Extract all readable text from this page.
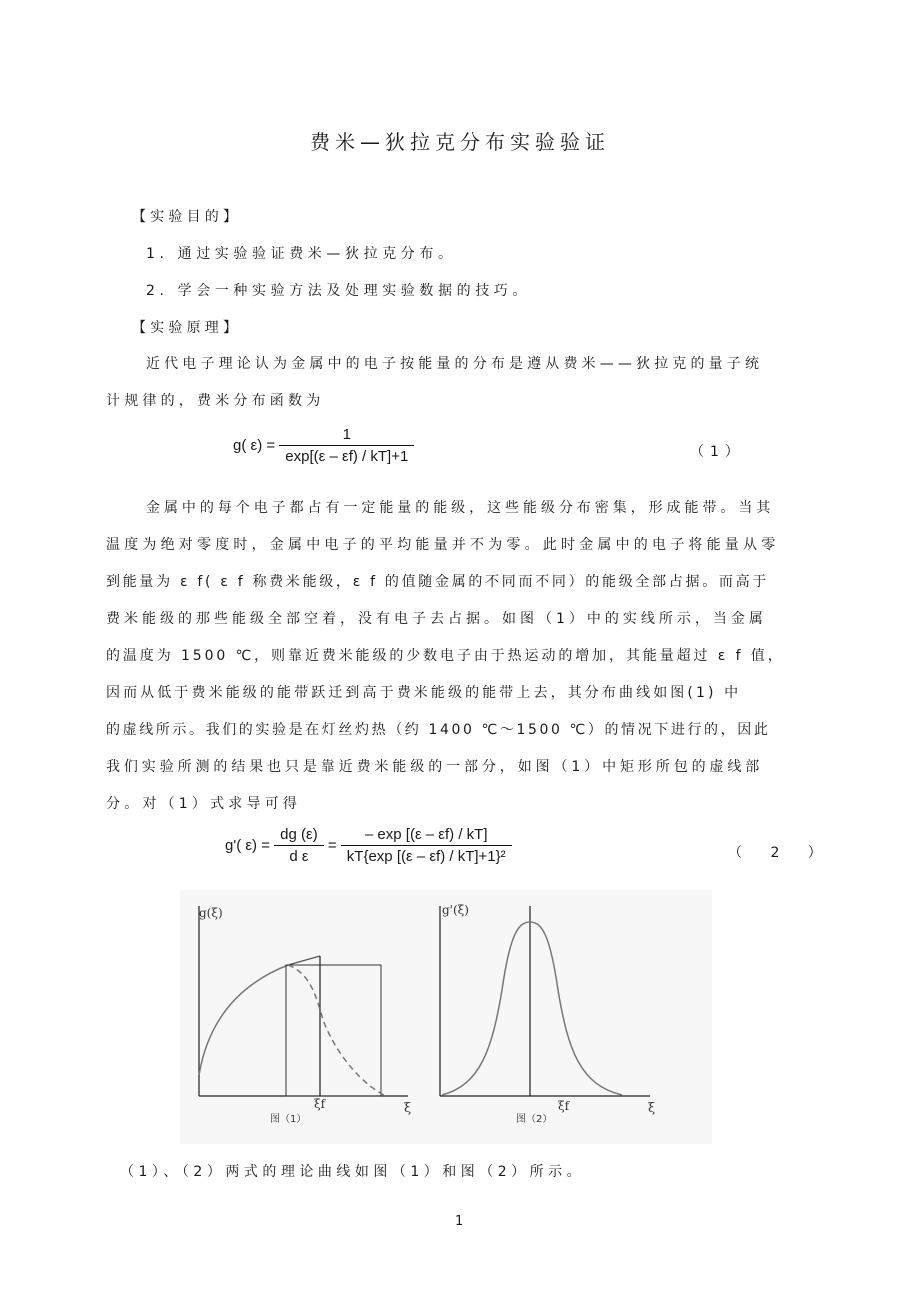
费米—狄拉克分布实验验证
【实验目的】
1. 通过实验验证费米—狄拉克分布。
2. 学会一种实验方法及处理实验数据的技巧。
【实验原理】
近代电子理论认为金属中的电子按能量的分布是遵从费米——狄拉克的量子统
计规律的，费米分布函数为
g( $\varepsilon) = \frac{1}{\exp[(\varepsilon - \varepsilon f) / kT]+1}$	（1）
金属中的每个电子都占有一定能量的能级，这些能级分布密集，形成能带。当其
温度为绝对零度时，金属中电子的平均能量并不为零。此时金属中的电子将能量从零
到能量为 ε f( ε f 称费米能级，ε f 的值随金属的不同而不同）的能级全部占据。而高于
费米能级的那些能级全部空着，没有电子去占据。如图（1）中的实线所示，当金属
的温度为 1500 ℃，则靠近费米能级的少数电子由于热运动的增加，其能量超过 ε f 值，
因而从低于费米能级的能带跃迁到高于费米能级的能带上去，其分布曲线如图(1) 中
的虚线所示。我们的实验是在灯丝灼热（约 1400 ℃～1500 ℃）的情况下进行的，因此
我们实验所测的结果也只是靠近费米能级的一部分，如图（1）中矩形所包的虚线部
分。对（1）式求导可得
g'( $\varepsilon) = \frac{dg (\varepsilon)}{\text{d ε}} = \frac{- \exp [(\varepsilon - \varepsilon f) / kT]}{\text{kT\{exp [(ε – εf) / kT]+1\}²}}$	（ 2 ）
g(ξ)
ξ
ξf
图（1）
g'(ξ)
ξ
ξf
图（2）
（1）、（2）两式的理论曲线如图（1）和图（2）所示。
1
